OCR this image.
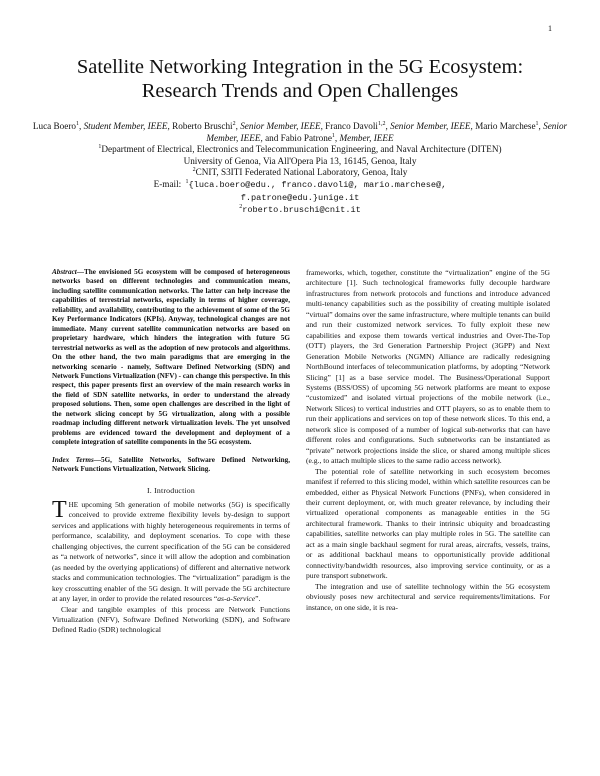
1
Satellite Networking Integration in the 5G Ecosystem: Research Trends and Open Challenges

Luca Boero$^1$, Student Member, IEEE, Roberto Bruschi$^2$, Senior Member, IEEE, Franco Davoli$^{1,2}$, Senior Member, IEEE, Mario Marchese$^1$, Senior Member, IEEE, and Fabio Patrone$^1$, Member, IEEE

$^1$Department of Electrical, Electronics and Telecommunication Engineering, and Naval Architecture (DITEN)

University of Genoa, Via All'Opera Pia 13, 16145, Genoa, Italy

$^2$CNIT, S3ITI Federated National Laboratory, Genoa, Italy

E-mail: $^1${luca.boero@edu., franco.davoli@, mario.marchese@,

f.patrone@edu.}unige.it

$^2$roberto.bruschi@cnit.it

Abstract—The envisioned 5G ecosystem will be composed of heterogeneous networks based on different technologies and communication means, including satellite communication networks. The latter can help increase the capabilities of terrestrial networks, especially in terms of higher coverage, reliability, and availability, contributing to the achievement of some of the 5G Key Performance Indicators (KPIs). Anyway, technological changes are not immediate. Many current satellite communication networks are based on proprietary hardware, which hinders the integration with future 5G terrestrial networks as well as the adoption of new protocols and algorithms. On the other hand, the two main paradigms that are emerging in the networking scenario - namely, Software Defined Networking (SDN) and Network Functions Virtualization (NFV) - can change this perspective. In this respect, this paper presents first an overview of the main research works in the field of SDN satellite networks, in order to understand the already proposed solutions. Then, some open challenges are described in the light of the network slicing concept by 5G virtualization, along with a possible roadmap including different network virtualization levels. The yet unsolved problems are evidenced toward the development and deployment of a complete integration of satellite components in the 5G ecosystem.

Index Terms—5G, Satellite Networks, Software Defined Networking, Network Functions Virtualization, Network Slicing.

I. Introduction

THE upcoming 5th generation of mobile networks (5G) is specifically conceived to provide extreme flexibility levels by-design to support services and applications with highly heterogeneous requirements in terms of performance, scalability, and deployment scenarios. To cope with these challenging objectives, the current specification of the 5G can be considered as “a network of networks”, since it will allow the adoption and combination (as needed by the overlying applications) of different and alternative network stacks and communication technologies. The “virtualization” paradigm is the key crosscutting enabler of the 5G design. It will pervade the 5G architecture at any layer, in order to provide the related resources “as-a-Service”.

Clear and tangible examples of this process are Network Functions Virtualization (NFV), Software Defined Networking (SDN), and Software Defined Radio (SDR) technological

frameworks, which, together, constitute the “virtualization” engine of the 5G architecture [1]. Such technological frameworks fully decouple hardware infrastructures from network protocols and functions and introduce advanced multi-tenancy capabilities such as the possibility of creating multiple isolated “virtual” domains over the same infrastructure, where multiple tenants can build and run their customized network services. To fully exploit these new capabilities and expose them towards vertical industries and Over-The-Top (OTT) players, the 3rd Generation Partnership Project (3GPP) and Next Generation Mobile Networks (NGMN) Alliance are radically redesigning NorthBound interfaces of telecommunication platforms, by adopting “Network Slicing” [1] as a base service model. The Business/Operational Support Systems (BSS/OSS) of upcoming 5G network platforms are meant to expose “customized” and isolated virtual projections of the mobile network (i.e., Network Slices) to vertical industries and OTT players, so as to enable them to run their applications and services on top of these network slices. To this end, a network slice is composed of a number of logical sub-networks that can have different roles and configurations. Such subnetworks can be instantiated as “private” network projections inside the slice, or shared among multiple slices (e.g., to attach multiple slices to the same radio access network).

The potential role of satellite networking in such ecosystem becomes manifest if referred to this slicing model, within which satellite resources can be embedded, either as Physical Network Functions (PNFs), when considered in their current deployment, or, with much greater relevance, by including their virtualized operational components as manageable entities in the 5G architectural framework. Thanks to their intrinsic ubiquity and broadcasting capabilities, satellite networks can play multiple roles in 5G. The satellite can act as a main single backhaul segment for rural areas, aircrafts, vessels, trains, or as additional backhaul means to opportunistically provide additional connectivity/bandwidth resources, also improving service continuity, or as a pure transport subnetwork.

The integration and use of satellite technology within the 5G ecosystem obviously poses new architectural and service requirements/limitations. For instance, on one side, it is rea-
